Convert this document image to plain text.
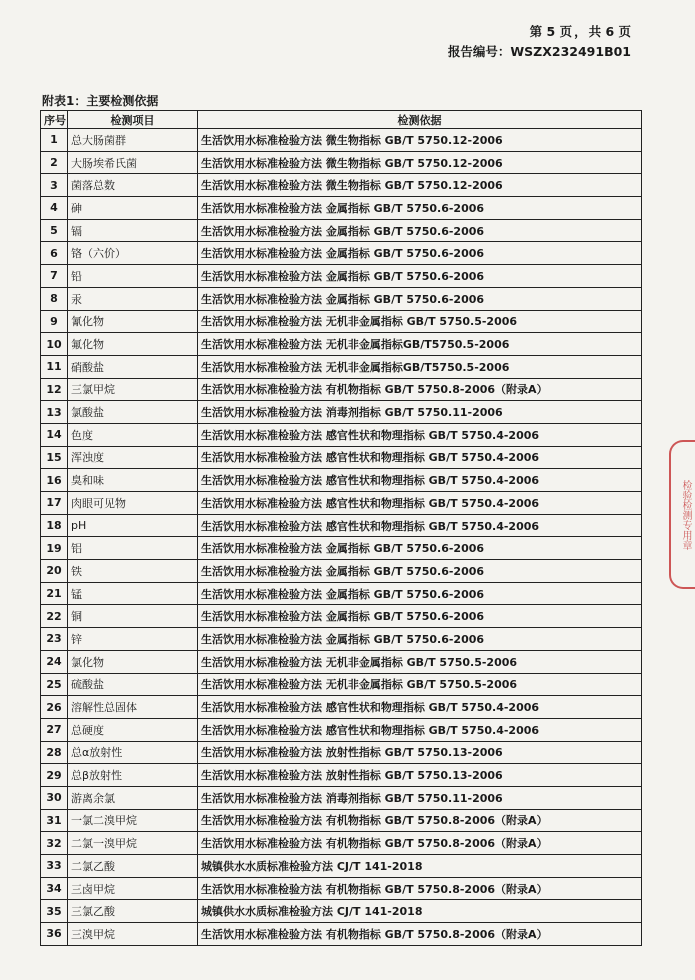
第 5 页 ， 共 6 页
报告编号：WSZX232491B01
附表1：主要检测依据
序号	检测项目	检测依据
1	总大肠菌群	生活饮用水标准检验方法 微生物指标 GB/T 5750.12-2006
2	大肠埃希氏菌	生活饮用水标准检验方法 微生物指标 GB/T 5750.12-2006
3	菌落总数	生活饮用水标准检验方法 微生物指标 GB/T 5750.12-2006
4	砷	生活饮用水标准检验方法 金属指标 GB/T 5750.6-2006
5	镉	生活饮用水标准检验方法 金属指标 GB/T 5750.6-2006
6	铬（六价）	生活饮用水标准检验方法 金属指标 GB/T 5750.6-2006
7	铅	生活饮用水标准检验方法 金属指标 GB/T 5750.6-2006
8	汞	生活饮用水标准检验方法 金属指标 GB/T 5750.6-2006
9	氰化物	生活饮用水标准检验方法 无机非金属指标 GB/T 5750.5-2006
10	氟化物	生活饮用水标准检验方法 无机非金属指标GB/T5750.5-2006
11	硝酸盐	生活饮用水标准检验方法 无机非金属指标GB/T5750.5-2006
12	三氯甲烷	生活饮用水标准检验方法 有机物指标 GB/T 5750.8-2006（附录A）
13	氯酸盐	生活饮用水标准检验方法 消毒剂指标 GB/T 5750.11-2006
14	色度	生活饮用水标准检验方法 感官性状和物理指标 GB/T 5750.4-2006
15	浑浊度	生活饮用水标准检验方法 感官性状和物理指标 GB/T 5750.4-2006
16	臭和味	生活饮用水标准检验方法 感官性状和物理指标 GB/T 5750.4-2006
17	肉眼可见物	生活饮用水标准检验方法 感官性状和物理指标 GB/T 5750.4-2006
18	pH	生活饮用水标准检验方法 感官性状和物理指标 GB/T 5750.4-2006
19	铝	生活饮用水标准检验方法 金属指标 GB/T 5750.6-2006
20	铁	生活饮用水标准检验方法 金属指标 GB/T 5750.6-2006
21	锰	生活饮用水标准检验方法 金属指标 GB/T 5750.6-2006
22	铜	生活饮用水标准检验方法 金属指标 GB/T 5750.6-2006
23	锌	生活饮用水标准检验方法 金属指标 GB/T 5750.6-2006
24	氯化物	生活饮用水标准检验方法 无机非金属指标 GB/T 5750.5-2006
25	硫酸盐	生活饮用水标准检验方法 无机非金属指标 GB/T 5750.5-2006
26	溶解性总固体	生活饮用水标准检验方法 感官性状和物理指标 GB/T 5750.4-2006
27	总硬度	生活饮用水标准检验方法 感官性状和物理指标 GB/T 5750.4-2006
28	总α放射性	生活饮用水标准检验方法 放射性指标 GB/T 5750.13-2006
29	总β放射性	生活饮用水标准检验方法 放射性指标 GB/T 5750.13-2006
30	游离余氯	生活饮用水标准检验方法 消毒剂指标 GB/T 5750.11-2006
31	一氯二溴甲烷	生活饮用水标准检验方法 有机物指标 GB/T 5750.8-2006（附录A）
32	二氯一溴甲烷	生活饮用水标准检验方法 有机物指标 GB/T 5750.8-2006（附录A）
33	二氯乙酸	城镇供水水质标准检验方法 CJ/T 141-2018
34	三卤甲烷	生活饮用水标准检验方法 有机物指标 GB/T 5750.8-2006（附录A）
35	三氯乙酸	城镇供水水质标准检验方法 CJ/T 141-2018
36	三溴甲烷	生活饮用水标准检验方法 有机物指标 GB/T 5750.8-2006（附录A）
检验检测专用章
